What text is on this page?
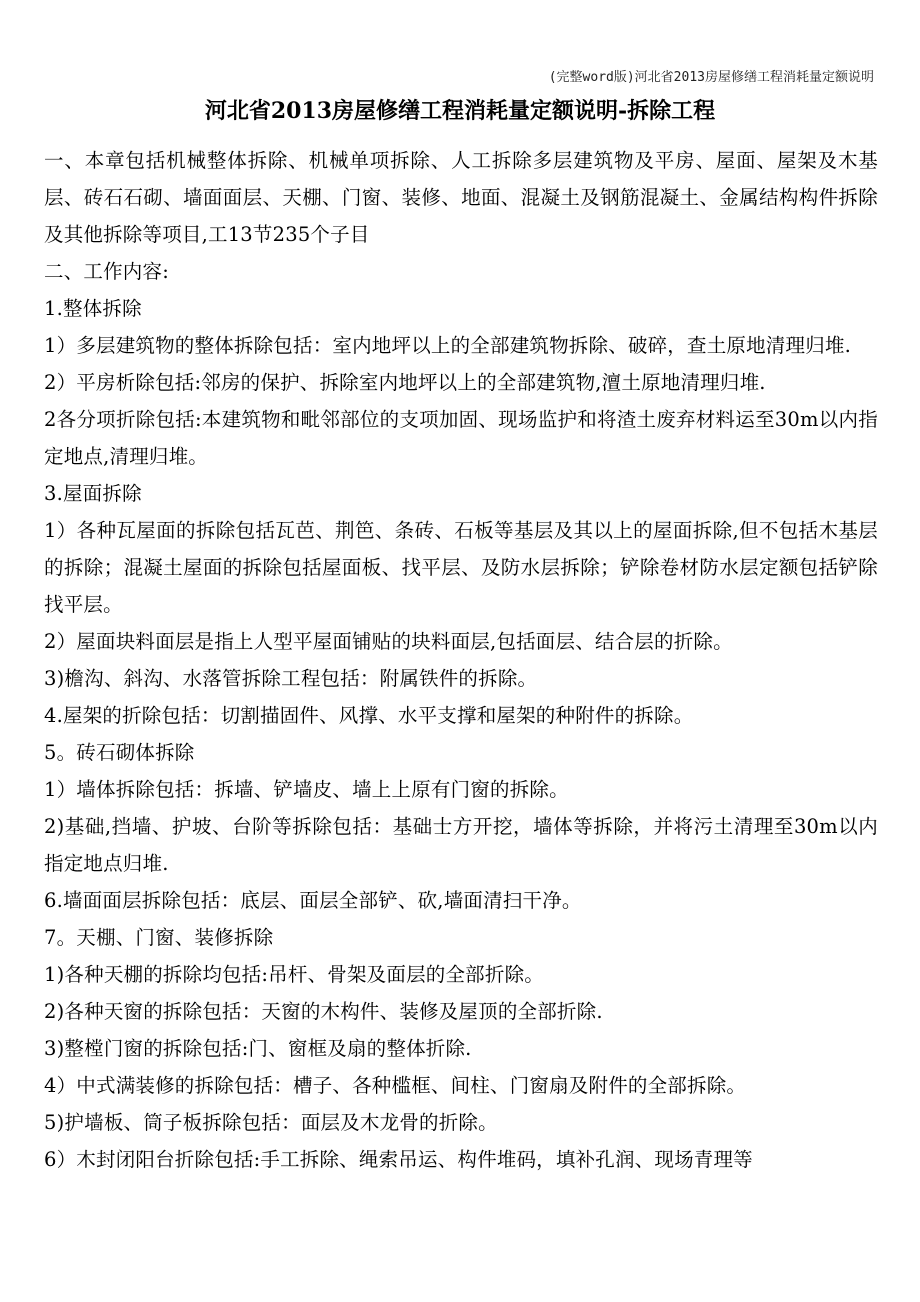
(完整word版)河北省2013房屋修缮工程消耗量定额说明
河北省2013房屋修缮工程消耗量定额说明-拆除工程

一、本章包括机械整体拆除、机械单项拆除、人工拆除多层建筑物及平房、屋面、屋架及木基层、砖石石砌、墙面面层、天棚、门窗、装修、地面、混凝土及钢筋混凝土、金属结构构件拆除及其他拆除等项目,工13节235个子目

二、工作内容:

1.整体拆除

1）多层建筑物的整体拆除包括：室内地坪以上的全部建筑物拆除、破碎，查土原地清理归堆.

2）平房析除包括:邻房的保护、拆除室内地坪以上的全部建筑物,澶土原地清理归堆.

2各分项折除包括:本建筑物和毗邻部位的支项加固、现场监护和将渣土废弃材料运至30m以内指定地点,清理归堆。

3.屋面拆除

1）各种瓦屋面的拆除包括瓦芭、荆笆、条砖、石板等基层及其以上的屋面拆除,但不包括木基层的拆除；混凝土屋面的拆除包括屋面板、找平层、及防水层拆除；铲除卷材防水层定额包括铲除找平层。

2）屋面块料面层是指上人型平屋面铺贴的块料面层,包括面层、结合层的折除。

3)檐沟、斜沟、水落管拆除工程包括：附属铁件的拆除。

4.屋架的折除包括：切割描固件、风撑、水平支撑和屋架的种附件的拆除。

5。砖石砌体拆除

1）墙体拆除包括：拆墙、铲墙皮、墙上上原有门窗的拆除。

2)基础,挡墙、护坡、台阶等拆除包括：基础士方开挖，墙体等拆除，并将污土清理至30m以内指定地点归堆.

6.墙面面层拆除包括：底层、面层全部铲、砍,墙面清扫干净。

7。天棚、门窗、装修拆除

1)各种天棚的拆除均包括:吊杆、骨架及面层的全部折除。

2)各种天窗的拆除包括：天窗的木构件、装修及屋顶的全部折除.

3)整樘门窗的拆除包括:门、窗框及扇的整体折除.

4）中式满装修的拆除包括：槽子、各种槛框、间柱、门窗扇及附件的全部拆除。

5)护墙板、筒子板拆除包括：面层及木龙骨的折除。

6）木封闭阳台折除包括:手工拆除、绳索吊运、构件堆码，填补孔润、现场青理等
